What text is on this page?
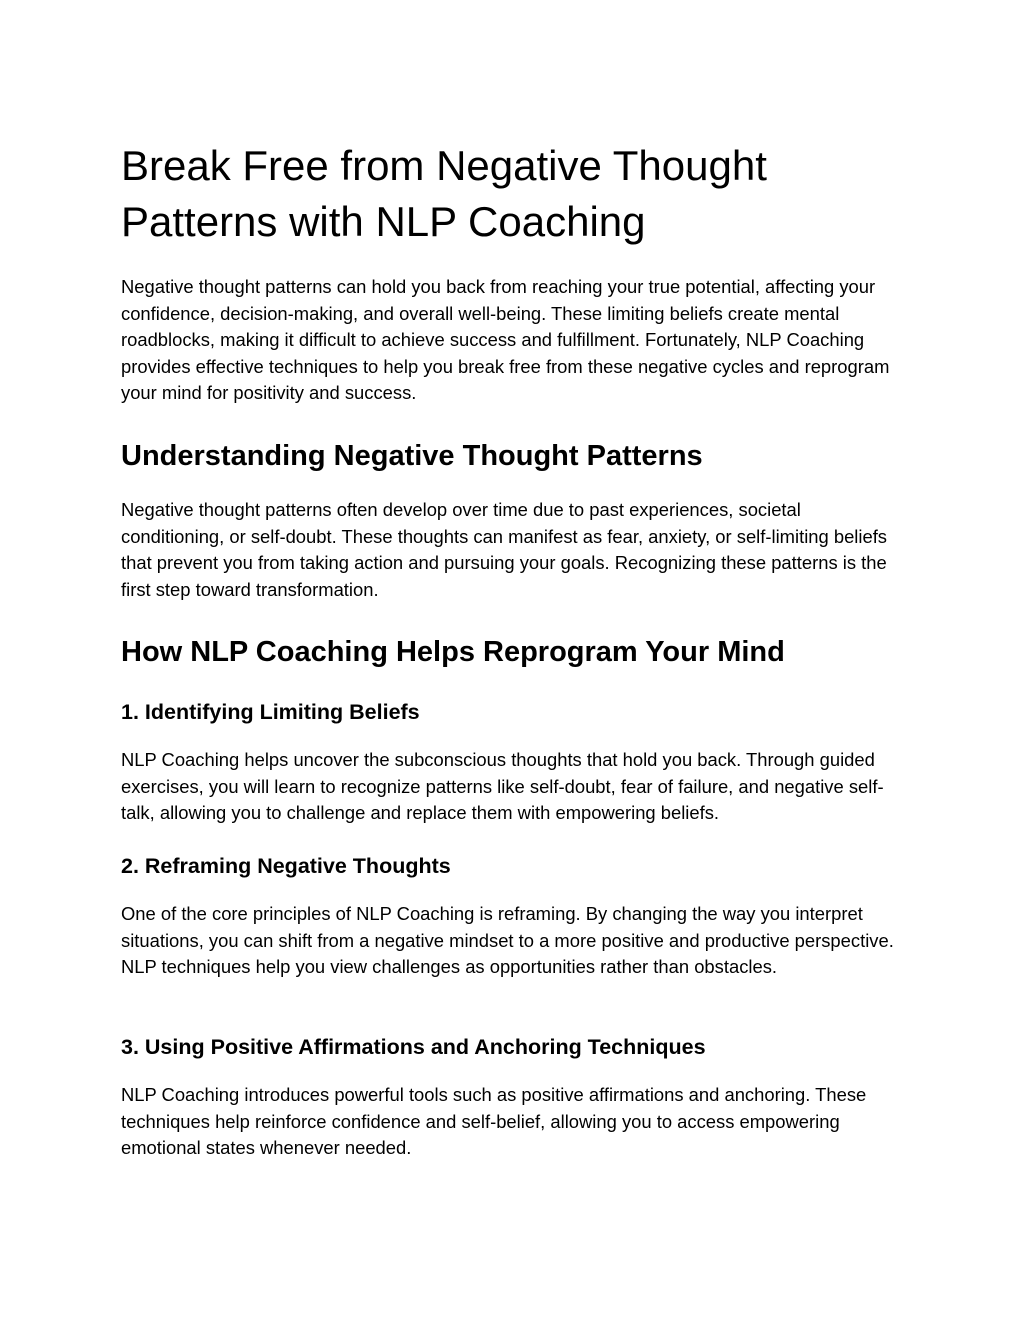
Break Free from Negative Thought Patterns with NLP Coaching

Negative thought patterns can hold you back from reaching your true potential, affecting your confidence, decision-making, and overall well-being. These limiting beliefs create mental roadblocks, making it difficult to achieve success and fulfillment. Fortunately, NLP Coaching provides effective techniques to help you break free from these negative cycles and reprogram your mind for positivity and success.

Understanding Negative Thought Patterns

Negative thought patterns often develop over time due to past experiences, societal conditioning, or self-doubt. These thoughts can manifest as fear, anxiety, or self-limiting beliefs that prevent you from taking action and pursuing your goals. Recognizing these patterns is the first step toward transformation.

How NLP Coaching Helps Reprogram Your Mind
1. Identifying Limiting Beliefs

NLP Coaching helps uncover the subconscious thoughts that hold you back. Through guided exercises, you will learn to recognize patterns like self-doubt, fear of failure, and negative self-talk, allowing you to challenge and replace them with empowering beliefs.

2. Reframing Negative Thoughts

One of the core principles of NLP Coaching is reframing. By changing the way you interpret situations, you can shift from a negative mindset to a more positive and productive perspective. NLP techniques help you view challenges as opportunities rather than obstacles.

3. Using Positive Affirmations and Anchoring Techniques

NLP Coaching introduces powerful tools such as positive affirmations and anchoring. These techniques help reinforce confidence and self-belief, allowing you to access empowering emotional states whenever needed.
